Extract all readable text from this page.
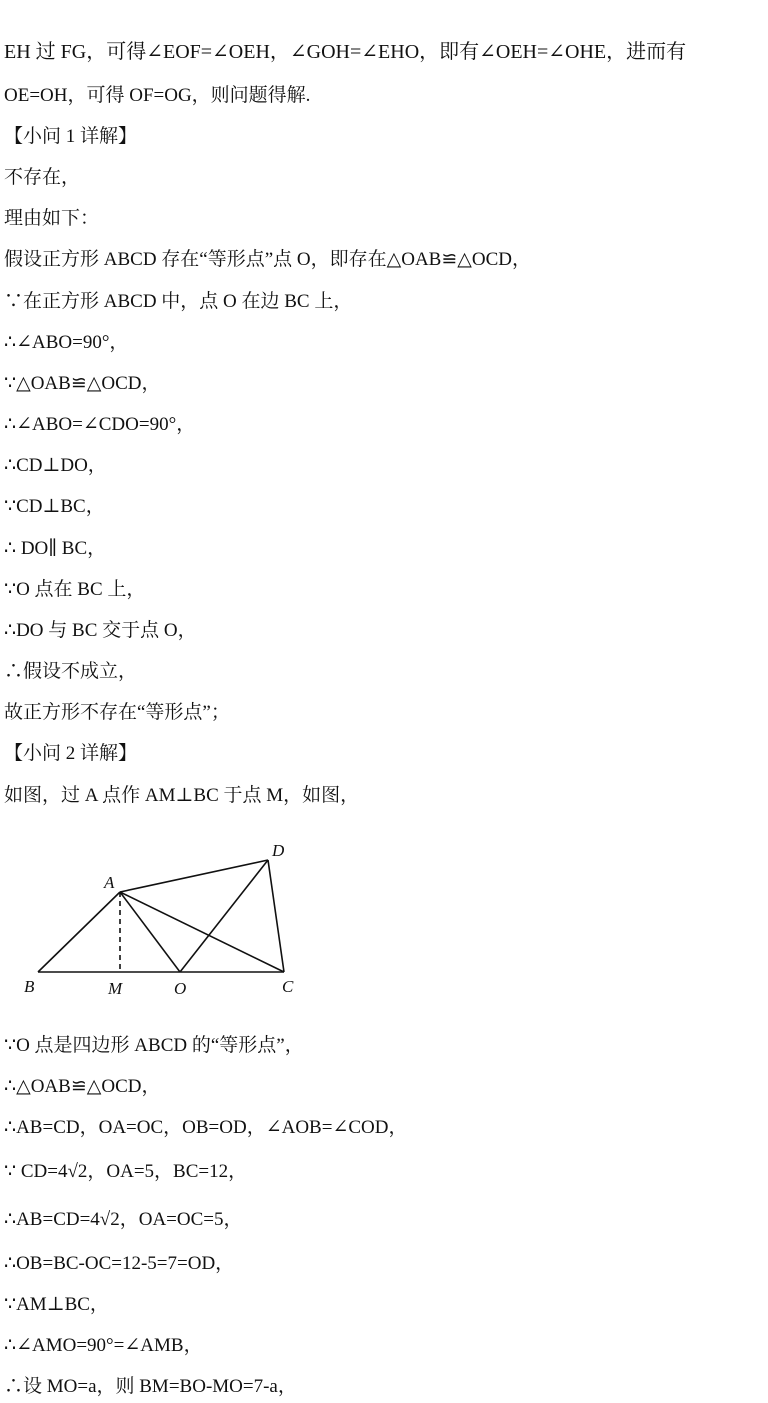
EH 过 FG，可得∠EOF=∠OEH，∠GOH=∠EHO，即有∠OEH=∠OHE，进而有
OE=OH，可得 OF=OG，则问题得解.
【小问 1 详解】
不存在，
理由如下：
假设正方形 ABCD 存在“等形点”点 O，即存在△OAB≌△OCD，
∵在正方形 ABCD 中，点 O 在边 BC 上，
∴∠ABO=90°，
∵△OAB≌△OCD，
∴∠ABO=∠CDO=90°，
∴CD⊥DO，
∵CD⊥BC，
∴ DO∥ BC，
∵O 点在 BC 上，
∴DO 与 BC 交于点 O，
∴假设不成立，
故正方形不存在“等形点”；
【小问 2 详解】
如图，过 A 点作 AM⊥BC 于点 M，如图，
A
B	M	O	C
D
∵O 点是四边形 ABCD 的“等形点”，
∴△OAB≌△OCD，
∴AB=CD，OA=OC，OB=OD，∠AOB=∠COD，
∵ CD=4√2，OA=5，BC=12，
∴AB=CD=4√2，OA=OC=5，
∴OB=BC-OC=12-5=7=OD，
∵AM⊥BC，
∴∠AMO=90°=∠AMB，
∴设 MO=a，则 BM=BO-MO=7-a，
